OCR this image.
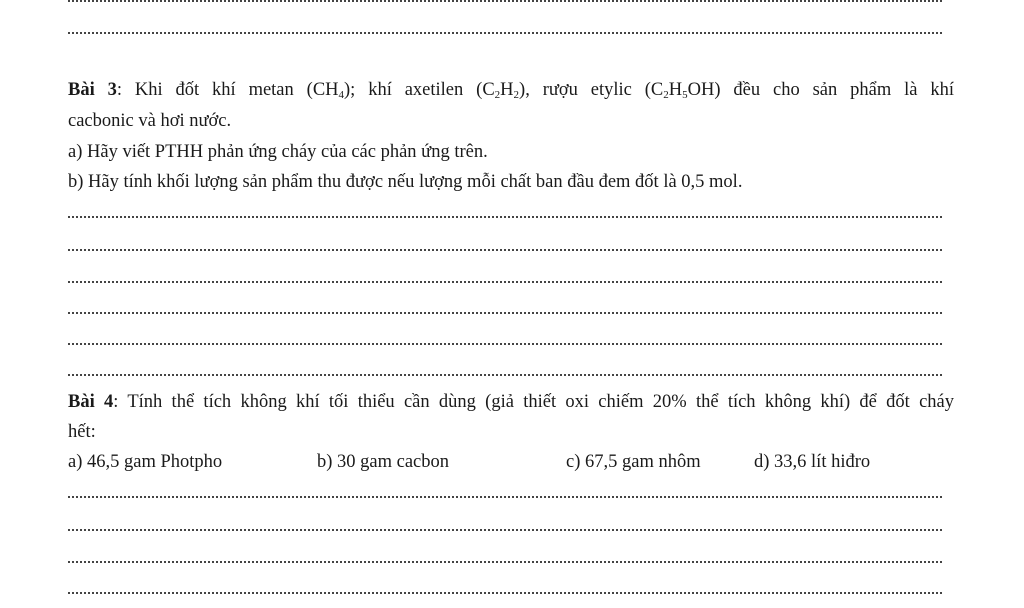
Bài 3: Khi đốt khí metan $(CH_4)$; khí axetilen $(C_2H_2)$, rượu etylic $(C_2H_5OH)$ đều cho sản phẩm là khí
cacbonic và hơi nước.
a) Hãy viết PTHH phản ứng cháy của các phản ứng trên.
b) Hãy tính khối lượng sản phẩm thu được nếu lượng mỗi chất ban đầu đem đốt là 0,5 mol.
Bài 4: Tính thể tích không khí tối thiểu cần dùng (giả thiết oxi chiếm 20% thể tích không khí) để đốt cháy
hết:
a) 46,5 gam Photpho	b) 30 gam cacbon	c) 67,5 gam nhôm	d) 33,6 lít hiđro
